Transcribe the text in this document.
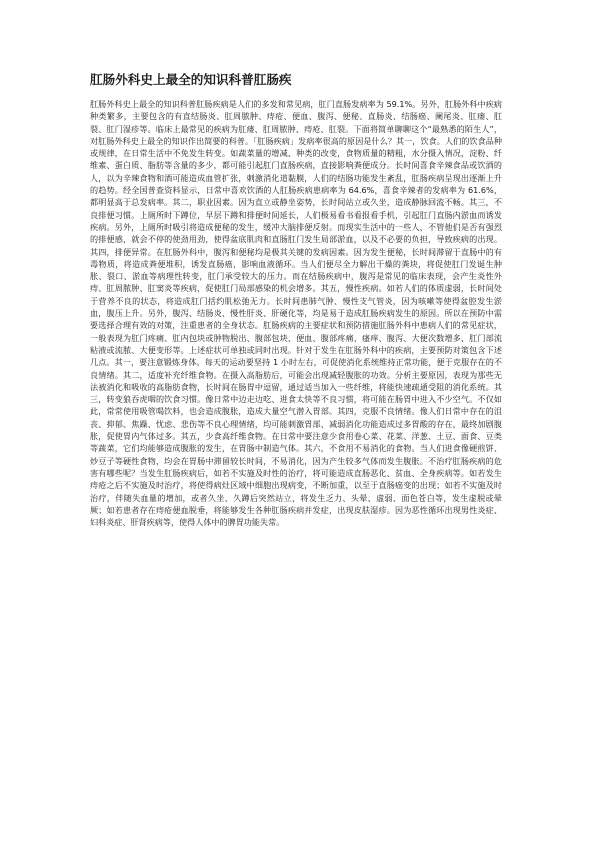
肛肠外科史上最全的知识科普肛肠疾
肛肠外科史上最全的知识科普肛肠疾病是人们的多发和常见病，肛门直肠发病率为 59.1%。另外，肛肠外科中疾病种类繁多，主要包含的有直结肠炎、肛周脓肿、痔疮、便血、腹泻、便秘、直肠炎、结肠癌、阑尾炎、肛瘘、肛裂、肛门湿疹等。临床上最常见的疾病为肛瘘、肛周脓肿、痔疮、肛裂。下面将简单聊聊这个“最熟悉的陌生人”，对肛肠外科史上最全的知识作出简要的科普。「肛肠疾病」发病率很高的原因是什么？其一，饮食。人们的饮食品种或规律，在日常生活中不免发生转变。如蔬菜量的增减、种类的改变，食物质量的精粗，水分摄入情况，淀粉、纤维素、蛋白质、脂肪等含量的多少，都可能引起肛门直肠疾病，直接影响粪便成分。长时间喜食辛辣食品或饮酒的人，以为辛辣食物和酒可能造成血管扩张，刺激消化道黏膜，人们的结肠功能发生紊乱，肛肠疾病呈现出逐渐上升的趋势。经全国普查资料显示，日常中喜欢饮酒的人肛肠疾病患病率为 64.6%，喜食辛辣者的发病率为 61.6%，都明显高于总发病率。其二，职业因素。因为直立或静坐姿势，长时间站立或久坐，造成静脉回流不畅。其三，不良排便习惯。上厕所时下蹲位，早层下蹲和排便时间延长，人们极易看书看报看手机，引起肛门直肠内淤血而诱发疾病。另外，上厕所时吸引将造成便秘的发生，缓冲大脑排便反射。而现实生活中的一些人，不管他们是否有强烈的排便感，就会不停的使劲用劲，使得盆底肌肉和直肠肛门发生局部淤血，以及不必要的负担，导致疾病的出现。其四，排便异常。在肛肠外科中，腹泻和便秘均是极其关键的发病因素。因为发生便秘，长时间滞留于直肠中的有毒物质，将造成粪便堆积，诱发直肠癌，影响血液循环。当人们便尽全力解出干燥的粪块，将促使肛门发诞生肿胀、裂口、淤血等病理性转变，肛门承受较大的压力。而在结肠疾病中，腹泻是常见的临床表现，会产生炎性外痔、肛周脓肿、肛窦炎等疾病，促使肛门局部感染的机会增多。其五，慢性疾病。如若人们的体质虚弱，长时间处于营养不良的状态，将造成肛门括约肌松弛无力。长时间患肺气肿、慢性支气管炎，因为咳嗽等使得盆腔发生淤血，腹压上升。另外，腹泻、结肠炎、慢性肝炎、肝硬化等，均是易于造成肛肠疾病发生的原因。所以在预防中需要选择合理有效的对策，注重患者的全身状态。肛肠疾病的主要症状和预防措施肛肠外科中患病人们的常见症状，一般表现为肛门疼痛、肛内包块或肿物脱出、腹部包块、便血、腹部疼痛、瘙痒、腹泻、大便次数增多、肛门部流粘液或流脓、大便变形等。上述症状可单独或同时出现。针对于发生在肛肠外科中的疾病，主要预防对策包含下述几点。其一，要注意锻炼身体。每天的运动要坚持 1 小时左右，可促使消化系统维持正常功能，便于克服存在的不良情绪。其二，适度补充纤维食物。在摄入高脂肪后，可能会出现减轻腹胀的功效。分析主要原因，表现为那些无法被消化和吸收的高脂肪食物，长时间在肠胃中逗留，通过适当加入一些纤维，将能快速疏通受阻的消化系统。其三，转变狼吞虎咽的饮食习惯。像日常中边走边吃、进食太快等不良习惯，将可能在肠胃中进入不少空气。不仅如此，常常使用吸管喝饮料，也会造成腹胀，造成大量空气潜入胃部。其四，克服不良情绪。像人们日常中存在的沮丧、抑郁、焦躁、忧虑、悲伤等不良心理情绪，均可能刺激胃部、减弱消化功能造成过多胃酸的存在，最终加剧腹胀，促使胃内气体过多。其五，少食高纤维食物。在日常中要注意少食用卷心菜、花菜、洋葱、土豆、面食、豆类等蔬菜，它们均能够造成腹胀的发生，在胃肠中制造气体。其六，不食用不易消化的食物。当人们进食像硬煎饼、炒豆子等硬性食物，均会在胃肠中滞留较长时间，不易消化，因为产生较多气体而发生腹胀。不治疗肛肠疾病的危害有哪些呢？当发生肛肠疾病后，如若不实施及时性的治疗，将可能造成直肠恶化、贫血、全身疾病等。如若发生痔疮之后不实施及时治疗，将使得病灶区域中细胞出现病变，不断加重，以至于直肠癌变的出现；如若不实施及时治疗，伴随失血量的增加，或者久坐、久蹲后突然站立，将发生乏力、头晕、虚弱、面色苍白等，发生虚脱或晕厥；如若患者存在痔疮便血脱垂，将能够发生各种肛肠疾病并发症，出现皮肤湿疹。因为恶性循环出现男性炎症、妇科炎症、肝肾疾病等，使得人体中的脾胃功能失常。
